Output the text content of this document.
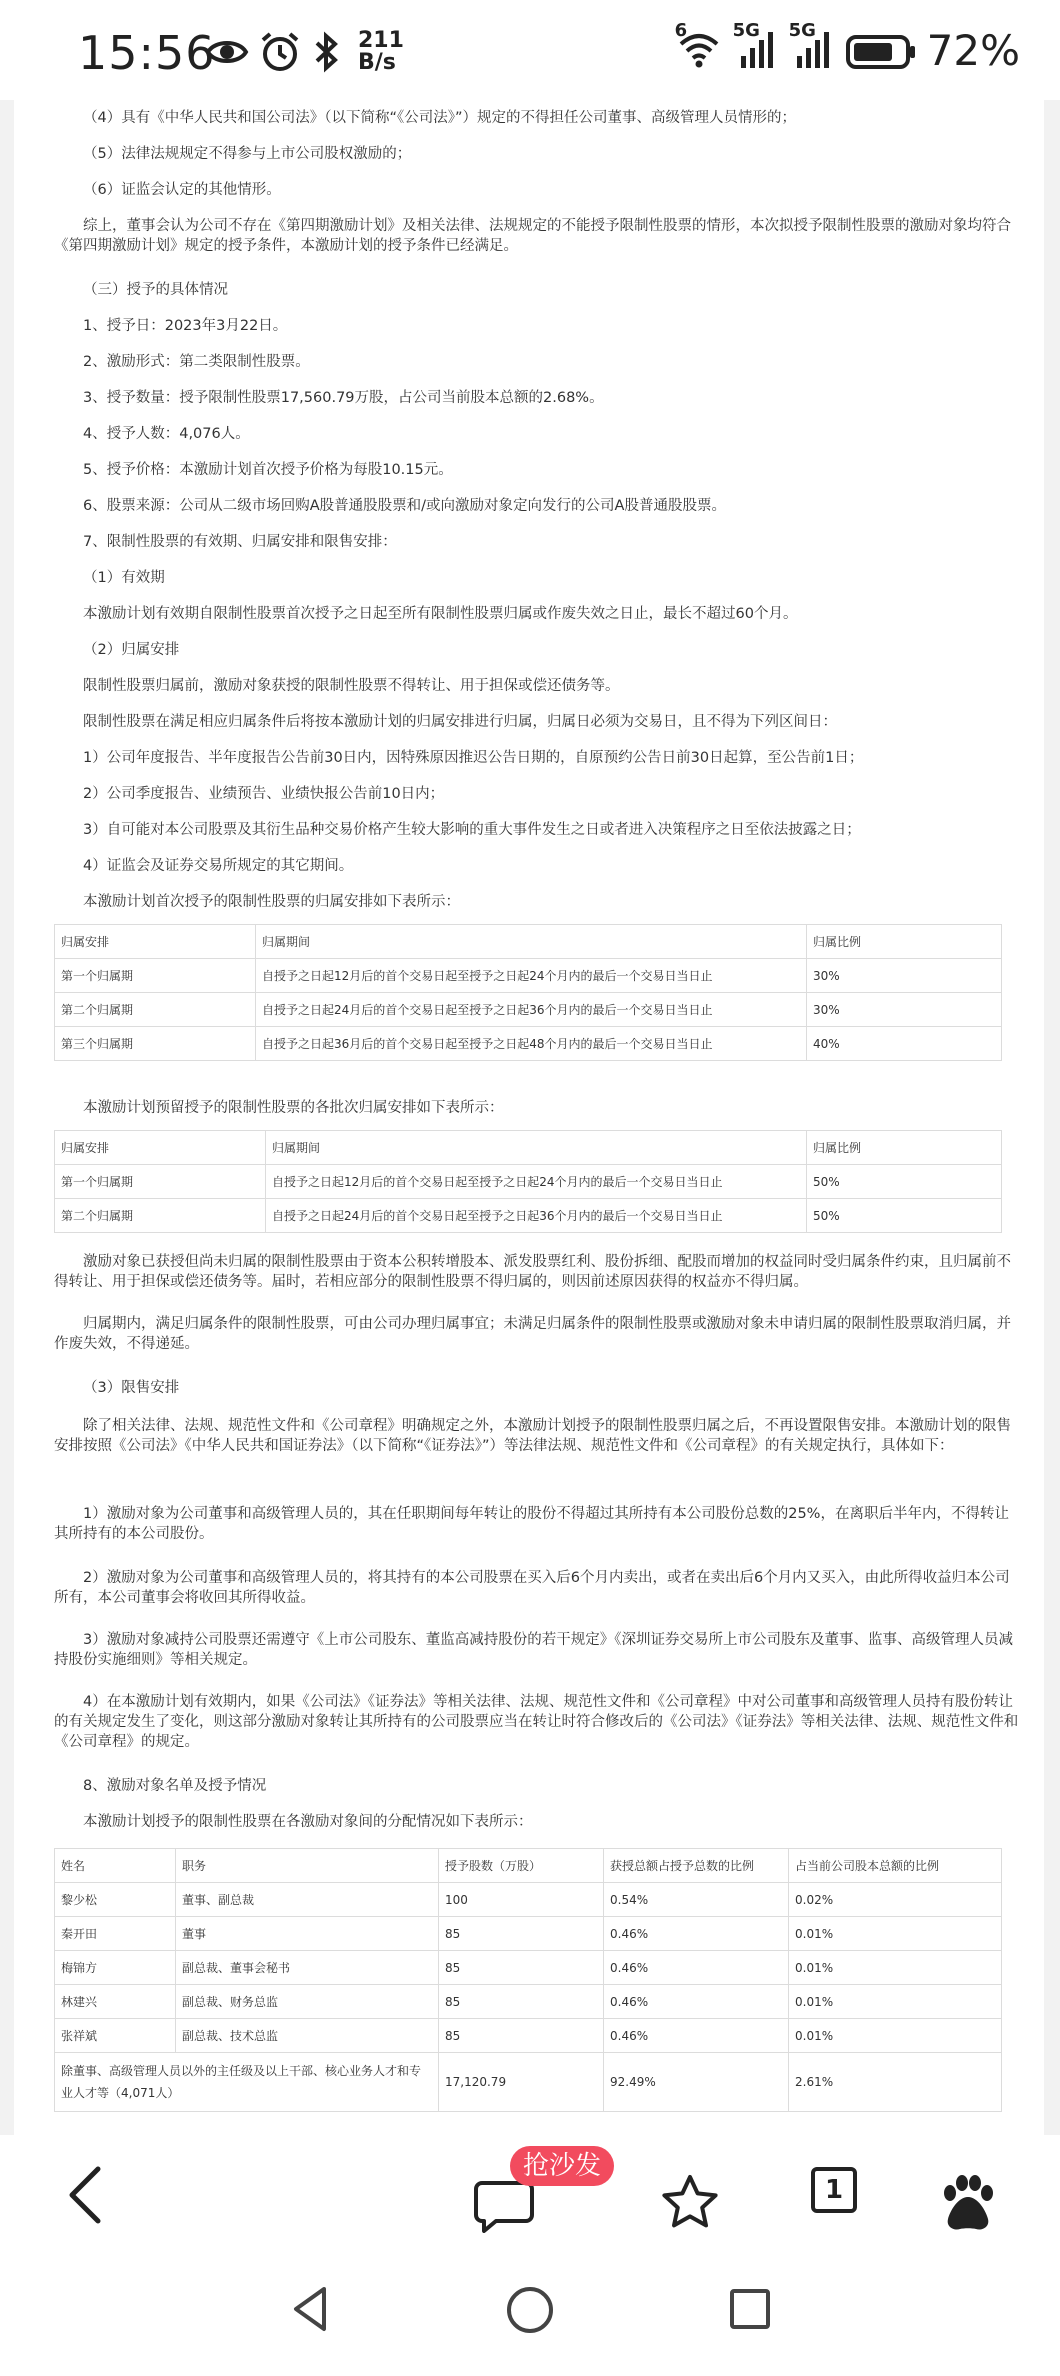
15:56	211
B/s
6	5G 5G	72%
（4）具有《中华人民共和国公司法》（以下简称“《公司法》”）规定的不得担任公司董事、高级管理人员情形的；
（5）法律法规规定不得参与上市公司股权激励的；
（6）证监会认定的其他情形。
综上，董事会认为公司不存在《第四期激励计划》及相关法律、法规规定的不能授予限制性股票的情形，本次拟授予限制性股票的激励对象均符合《第四期激励计划》规定的授予条件，本激励计划的授予条件已经满足。
（三）授予的具体情况
1、授予日：2023年3月22日。
2、激励形式：第二类限制性股票。
3、授予数量：授予限制性股票17,560.79万股，占公司当前股本总额的2.68%。
4、授予人数：4,076人。
5、授予价格：本激励计划首次授予价格为每股10.15元。
6、股票来源：公司从二级市场回购A股普通股股票和/或向激励对象定向发行的公司A股普通股股票。
7、限制性股票的有效期、归属安排和限售安排：
（1）有效期
本激励计划有效期自限制性股票首次授予之日起至所有限制性股票归属或作废失效之日止，最长不超过60个月。
（2）归属安排
限制性股票归属前，激励对象获授的限制性股票不得转让、用于担保或偿还债务等。
限制性股票在满足相应归属条件后将按本激励计划的归属安排进行归属，归属日必须为交易日，且不得为下列区间日：
1）公司年度报告、半年度报告公告前30日内，因特殊原因推迟公告日期的，自原预约公告日前30日起算，至公告前1日；
2）公司季度报告、业绩预告、业绩快报公告前10日内；
3）自可能对本公司股票及其衍生品种交易价格产生较大影响的重大事件发生之日或者进入决策程序之日至依法披露之日；
4）证监会及证券交易所规定的其它期间。
本激励计划首次授予的限制性股票的归属安排如下表所示：
归属安排	归属期间	归属比例
第一个归属期	自授予之日起12月后的首个交易日起至授予之日起24个月内的最后一个交易日当日止	30%
第二个归属期	自授予之日起24月后的首个交易日起至授予之日起36个月内的最后一个交易日当日止	30%
第三个归属期	自授予之日起36月后的首个交易日起至授予之日起48个月内的最后一个交易日当日止	40%
本激励计划预留授予的限制性股票的各批次归属安排如下表所示：
归属安排	归属期间	归属比例
第一个归属期	自授予之日起12月后的首个交易日起至授予之日起24个月内的最后一个交易日当日止	50%
第二个归属期	自授予之日起24月后的首个交易日起至授予之日起36个月内的最后一个交易日当日止	50%
激励对象已获授但尚未归属的限制性股票由于资本公积转增股本、派发股票红利、股份拆细、配股而增加的权益同时受归属条件约束，且归属前不得转让、用于担保或偿还债务等。届时，若相应部分的限制性股票不得归属的，则因前述原因获得的权益亦不得归属。
归属期内，满足归属条件的限制性股票，可由公司办理归属事宜；未满足归属条件的限制性股票或激励对象未申请归属的限制性股票取消归属，并作废失效，不得递延。
（3）限售安排
除了相关法律、法规、规范性文件和《公司章程》明确规定之外，本激励计划授予的限制性股票归属之后，不再设置限售安排。本激励计划的限售安排按照《公司法》《中华人民共和国证券法》（以下简称“《证券法》”）等法律法规、规范性文件和《公司章程》的有关规定执行，具体如下：
1）激励对象为公司董事和高级管理人员的，其在任职期间每年转让的股份不得超过其所持有本公司股份总数的25%，在离职后半年内，不得转让其所持有的本公司股份。
2）激励对象为公司董事和高级管理人员的，将其持有的本公司股票在买入后6个月内卖出，或者在卖出后6个月内又买入，由此所得收益归本公司所有，本公司董事会将收回其所得收益。
3）激励对象减持公司股票还需遵守《上市公司股东、董监高减持股份的若干规定》《深圳证券交易所上市公司股东及董事、监事、高级管理人员减持股份实施细则》等相关规定。
4）在本激励计划有效期内，如果《公司法》《证券法》等相关法律、法规、规范性文件和《公司章程》中对公司董事和高级管理人员持有股份转让的有关规定发生了变化，则这部分激励对象转让其所持有的公司股票应当在转让时符合修改后的《公司法》《证券法》等相关法律、法规、规范性文件和《公司章程》的规定。
8、激励对象名单及授予情况
本激励计划授予的限制性股票在各激励对象间的分配情况如下表所示：
姓名	职务	授予股数（万股）	获授总额占授予总数的比例	占当前公司股本总额的比例
黎少松	董事、副总裁	100	0.54%	0.02%
秦开田	董事	85	0.46%	0.01%
梅锦方	副总裁、董事会秘书	85	0.46%	0.01%
林建兴	副总裁、财务总监	85	0.46%	0.01%
张祥斌	副总裁、技术总监	85	0.46%	0.01%
除董事、高级管理人员以外的主任级及以上干部、核心业务人才和专业人才等（4,071人）		17,120.79	92.49%	2.61%
抢沙发
1
